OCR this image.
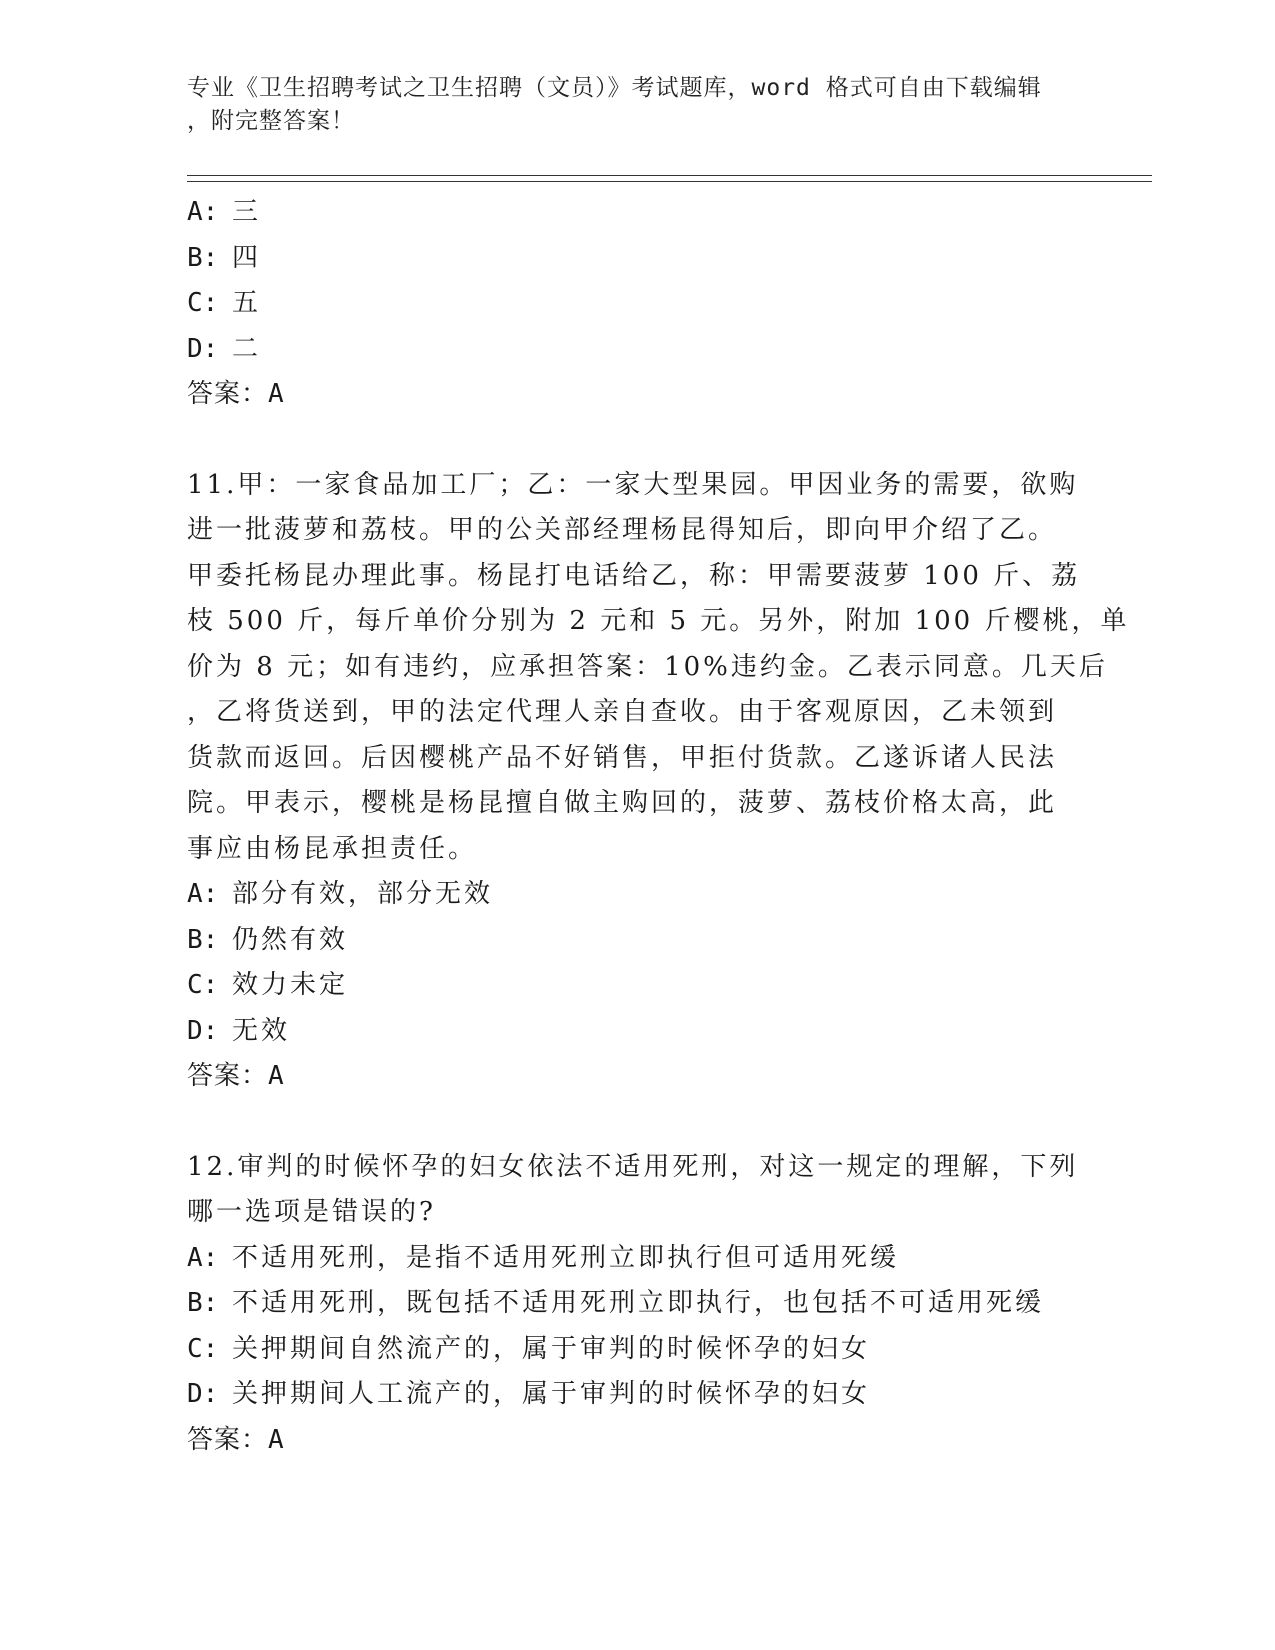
专业《卫生招聘考试之卫生招聘（文员）》考试题库，word 格式可自由下载编辑
，附完整答案！
A: 三
B: 四
C: 五
D: 二
答案：A
11.甲：一家食品加工厂；乙：一家大型果园。甲因业务的需要，欲购
进一批菠萝和荔枝。甲的公关部经理杨昆得知后，即向甲介绍了乙。
甲委托杨昆办理此事。杨昆打电话给乙，称：甲需要菠萝 100 斤、荔
枝 500 斤，每斤单价分别为 2 元和 5 元。另外，附加 100 斤樱桃，单
价为 8 元；如有违约，应承担答案：10%违约金。乙表示同意。几天后
，乙将货送到，甲的法定代理人亲自查收。由于客观原因，乙未领到
货款而返回。后因樱桃产品不好销售，甲拒付货款。乙遂诉诸人民法
院。甲表示，樱桃是杨昆擅自做主购回的，菠萝、荔枝价格太高，此
事应由杨昆承担责任。
A: 部分有效，部分无效
B: 仍然有效
C: 效力未定
D: 无效
答案：A
12.审判的时候怀孕的妇女依法不适用死刑，对这一规定的理解，下列
哪一选项是错误的?
A: 不适用死刑，是指不适用死刑立即执行但可适用死缓
B: 不适用死刑，既包括不适用死刑立即执行，也包括不可适用死缓
C: 关押期间自然流产的，属于审判的时候怀孕的妇女
D: 关押期间人工流产的，属于审判的时候怀孕的妇女
答案：A
